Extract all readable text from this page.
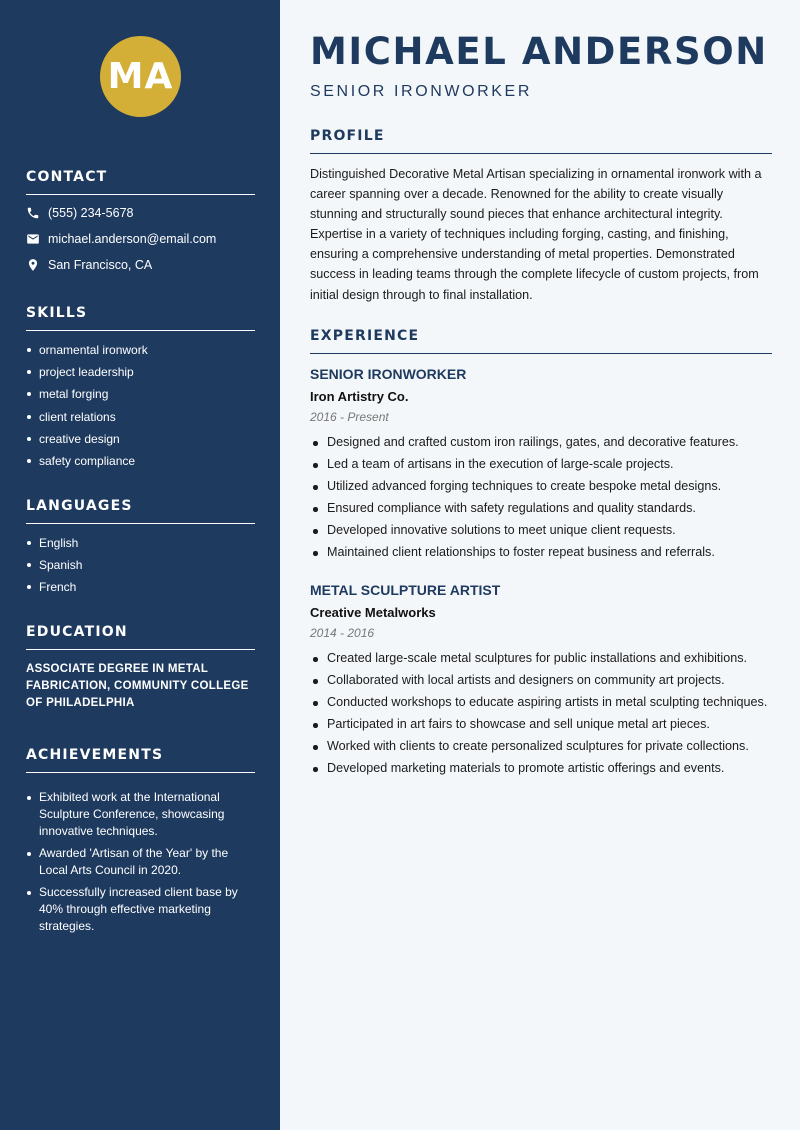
MA
CONTACT
(555) 234-5678
michael.anderson@email.com
San Francisco, CA
SKILLS
ornamental ironwork
project leadership
metal forging
client relations
creative design
safety compliance
LANGUAGES
English
Spanish
French
EDUCATION
ASSOCIATE DEGREE IN METAL FABRICATION, COMMUNITY COLLEGE OF PHILADELPHIA
ACHIEVEMENTS
Exhibited work at the International Sculpture Conference, showcasing innovative techniques.
Awarded 'Artisan of the Year' by the Local Arts Council in 2020.
Successfully increased client base by 40% through effective marketing strategies.
MICHAEL ANDERSON
SENIOR IRONWORKER
PROFILE
Distinguished Decorative Metal Artisan specializing in ornamental ironwork with a career spanning over a decade. Renowned for the ability to create visually stunning and structurally sound pieces that enhance architectural integrity. Expertise in a variety of techniques including forging, casting, and finishing, ensuring a comprehensive understanding of metal properties. Demonstrated success in leading teams through the complete lifecycle of custom projects, from initial design through to final installation.
EXPERIENCE
SENIOR IRONWORKER
Iron Artistry Co.
2016 - Present
Designed and crafted custom iron railings, gates, and decorative features.
Led a team of artisans in the execution of large-scale projects.
Utilized advanced forging techniques to create bespoke metal designs.
Ensured compliance with safety regulations and quality standards.
Developed innovative solutions to meet unique client requests.
Maintained client relationships to foster repeat business and referrals.
METAL SCULPTURE ARTIST
Creative Metalworks
2014 - 2016
Created large-scale metal sculptures for public installations and exhibitions.
Collaborated with local artists and designers on community art projects.
Conducted workshops to educate aspiring artists in metal sculpting techniques.
Participated in art fairs to showcase and sell unique metal art pieces.
Worked with clients to create personalized sculptures for private collections.
Developed marketing materials to promote artistic offerings and events.
